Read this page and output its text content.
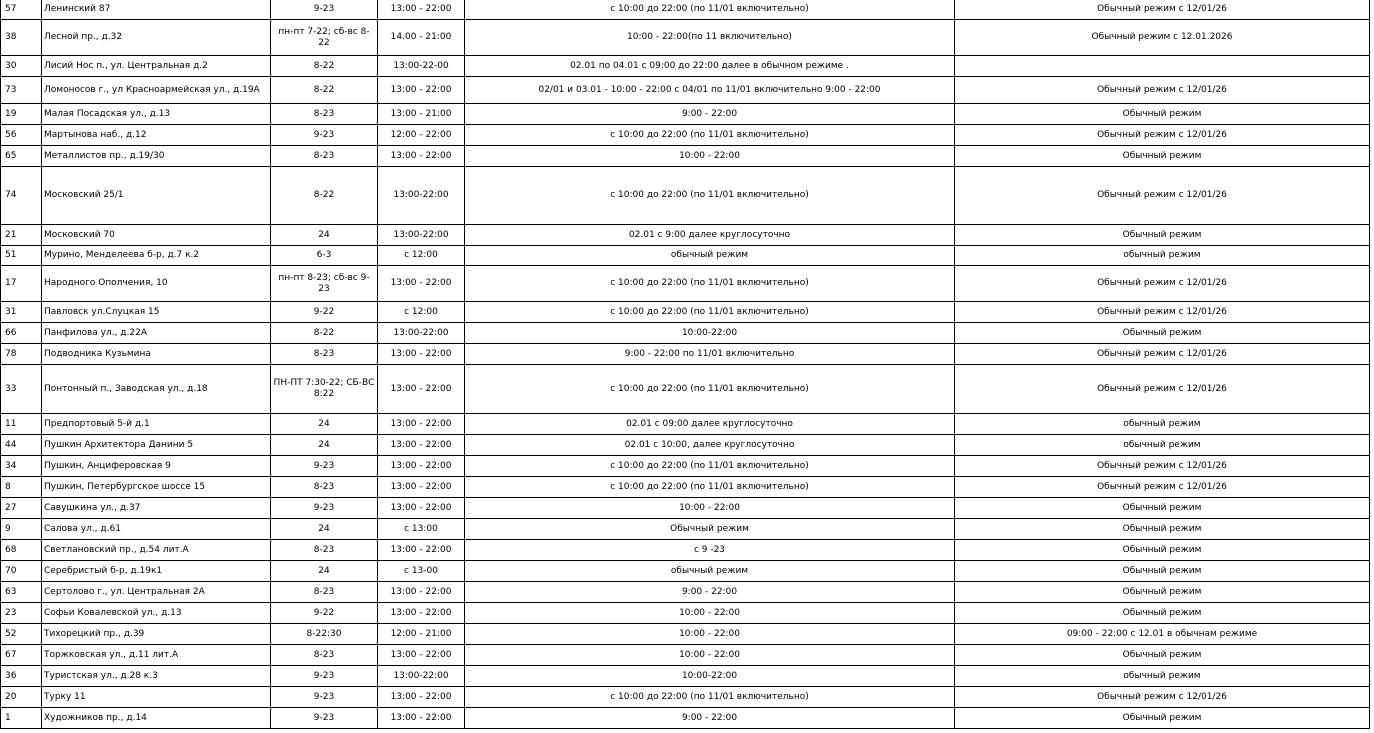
57	Ленинский 87	9-23	13:00 - 22:00	с 10:00 до 22:00 (по 11/01 включительно)	Обычный режим с 12/01/26
38	Лесной пр., д.32	пн-пт 7-22; сб-вс 8-22	14.00 - 21:00	10:00 - 22:00(по 11 включительно)	Обычный режим с 12.01.2026
30	Лисий Нос п., ул. Центральная д.2	8-22	13:00-22-00	02.01 по 04.01 с 09:00 до 22:00 далее в обычном режиме .	
73	Ломоносов г., ул Красноармейская ул., д.19А	8-22	13:00 - 22:00	02/01 и 03.01 - 10:00 - 22:00 с 04/01 по 11/01 включительно 9:00 - 22:00	Обычный режим с 12/01/26
19	Малая Посадская ул., д.13	8-23	13:00 - 21:00	9:00 - 22:00	Обычный режим
56	Мартынова наб., д.12	9-23	12:00 - 22:00	с 10:00 до 22:00 (по 11/01 включительно)	Обычный режим с 12/01/26
65	Металлистов пр., д.19/30	8-23	13:00 - 22:00	10:00 - 22:00	Обычный режим
74	Московский 25/1	8-22	13:00-22:00	с 10:00 до 22:00 (по 11/01 включительно)	Обычный режим с 12/01/26
21	Московский 70	24	13:00-22:00	02.01 с 9:00 далее круглосуточно	Обычный режим
51	Мурино, Менделеева б-р, д.7 к.2	6-3	с 12:00	обычный режим	обычный режим
17	Народного Ополчения, 10	пн-пт 8-23; сб-вс 9-23	13:00 - 22:00	с 10:00 до 22:00 (по 11/01 включительно)	Обычный режим с 12/01/26
31	Павловск ул.Слуцкая 15	9-22	с 12:00	с 10:00 до 22:00 (по 11/01 включительно)	Обычный режим с 12/01/26
66	Панфилова ул., д.22А	8-22	13:00-22:00	10:00-22:00	Обычный режим
78	Подводника Кузьмина	8-23	13:00 - 22:00	9:00 - 22:00 по 11/01 включительно	Обычный режим с 12/01/26
33	Понтонный п., Заводская ул., д.18	ПН-ПТ 7:30-22; СБ-ВС 8:22	13:00 - 22:00	с 10:00 до 22:00 (по 11/01 включительно)	Обычный режим с 12/01/26
11	Предпортовый 5-й д.1	24	13:00 - 22:00	02.01 с 09:00 далее круглосуточно	обычный режим
44	Пушкин Архитектора Данини 5	24	13:00 - 22:00	02.01 с 10:00, далее круглосуточно	обычный режим
34	Пушкин, Анциферовская 9	9-23	13:00 - 22:00	с 10:00 до 22:00 (по 11/01 включительно)	Обычный режим с 12/01/26
8	Пушкин, Петербургское шоссе 15	8-23	13:00 - 22:00	с 10:00 до 22:00 (по 11/01 включительно)	Обычный режим с 12/01/26
27	Савушкина ул., д.37	9-23	13:00 - 22:00	10:00 - 22:00	Обычный режим
9	Салова ул., д.61	24	с 13:00	Обычный режим	Обычный режим
68	Светлановский пр., д.54 лит.А	8-23	13:00 - 22:00	с 9 -23	Обычный режим
70	Серебристый б-р, д.19к1	24	с 13-00	обычный режим	Обычный режим
63	Сертолово г., ул. Центральная 2А	8-23	13:00 - 22:00	9:00 - 22:00	Обычный режим
23	Софьи Ковалевской ул., д.13	9-22	13:00 - 22:00	10:00 - 22:00	Обычный режим
52	Тихорецкий пр., д.39	8-22:30	12:00 - 21:00	10:00 - 22:00	09:00 - 22:00 с 12.01 в обычнам режиме
67	Торжковская ул., д.11 лит.А	8-23	13:00 - 22:00	10:00 - 22:00	Обычный режим
36	Туристская ул., д.28 к.3	9-23	13:00-22:00	10:00-22:00	обычный режим
20	Турку 11	9-23	13:00 - 22:00	с 10:00 до 22:00 (по 11/01 включительно)	Обычный режим с 12/01/26
1	Художников пр., д.14	9-23	13:00 - 22:00	9:00 - 22:00	Обычный режим
